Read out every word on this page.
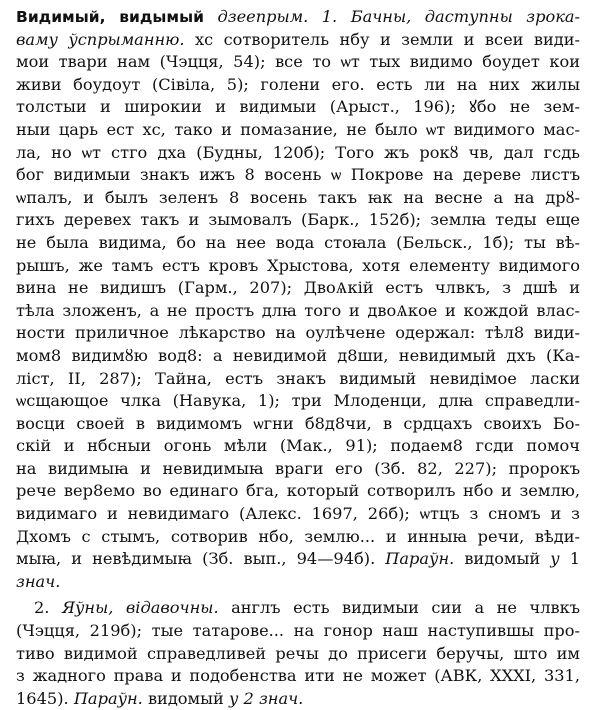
Видимый, видымый дзеепрым. 1. Бачны, даступны зрока-
ваму ўспрыманню. хс сотворитель нбу и земли и всеи види-
мои твари нам (Чэцця, 54); все то ѡт тых видимо боудет кои
живи боудоут (Сівіла, 5); голени его. есть ли на них жилы
толстыи и широкии и видимыи (Арыст., 196); ꙋбо не зем-
ныи царь ест хс, тако и помазание, не было ѡт видимого мас-
ла, но ѡт стго дха (Будны, 120б); Того жъ рокȣ чв, дал гсдь
бог видимыи знакъ ижъ 8 восень ѡ Покрове на дереве листъ
ѡпалъ, и былъ зеленъ 8 восень такъ ꙗк на весне а на дрȣ-
гихъ деревех такъ и зымовалъ (Барк., 152б); землꙗ теды еще
не была видима, бо на нее вода стоꙗла (Бельск., 1б); ты вѣ-
рышъ, же тамъ естъ кровъ Хрыстова, хотя елементу видимого
вина не видишъ (Гарм., 207); ДвоѦкій естъ члвкъ, з дшѣ и
тѣла зложенъ, а не простъ длꙗ того и двоѦкое и кождой влас-
ности приличное лѣкарство на оулѣчене одержал: тѣл8 види-
мом8 видимȣю вод8: а невидимой д8ши, невидимый дхъ (Ка-
ліст, II, 287); Тайна, естъ знакъ видимый невидімое ласки
ѡсщающое члка (Навука, 1); три Млоденци, длꙗ справедли-
восци своей в видимомъ ѡгни б8д8чи, в срдцахъ своихъ Бо-
скій и нбсныи огонь мѣли (Мак., 91); подаем8 гсди помоч
на видимыꙗ и невидимыꙗ враги его (Зб. 82, 227); пророкъ
рече вер8емо во единаго бга, который сотворилъ нбо и землю,
видимаго и невидимаго (Алекс. 1697, 26б); ѡтцъ з сномъ и з
Дхомъ с стымъ, сотворив нбо, землю... и инныꙗ речи, вѣди-
мыꙗ, и невѣдимыꙗ (Зб. вып., 94—94б). Параўн. видомый у 1
знач.
2. Яўны, відавочны. англъ есть видимыи сии а не члвкъ
(Чэцця, 219б); тые татарове... на гонор наш наступившы про-
тиво видимой справедливей речы до присеги беручы, што им
з жадного права и подобенства ити не может (АВК, XXXI, 331,
1645). Параўн. видомый у 2 знач.
